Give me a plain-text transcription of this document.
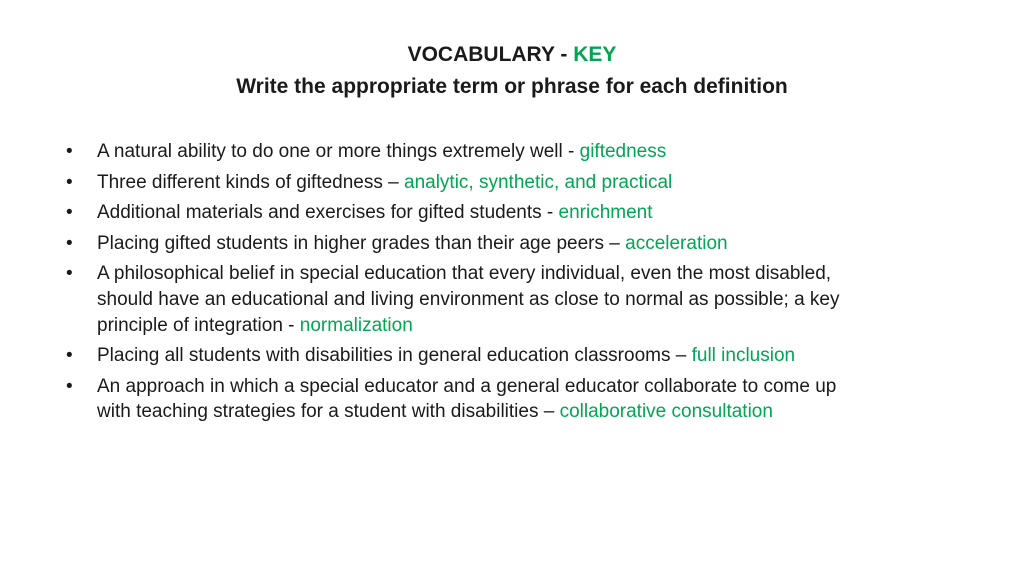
VOCABULARY - KEY
Write the appropriate term or phrase for each definition
•	A natural ability to do one or more things extremely well - giftedness
•	Three different kinds of giftedness – analytic, synthetic, and practical
•	Additional materials and exercises for gifted students - enrichment
•	Placing gifted students in higher grades than their age peers – acceleration
•	A philosophical belief in special education that every individual, even the most disabled, should have an educational and living environment as close to normal as possible; a key principle of integration - normalization
•	Placing all students with disabilities in general education classrooms – full inclusion
•	An approach in which a special educator and a general educator collaborate to come up with teaching strategies for a student with disabilities – collaborative consultation
